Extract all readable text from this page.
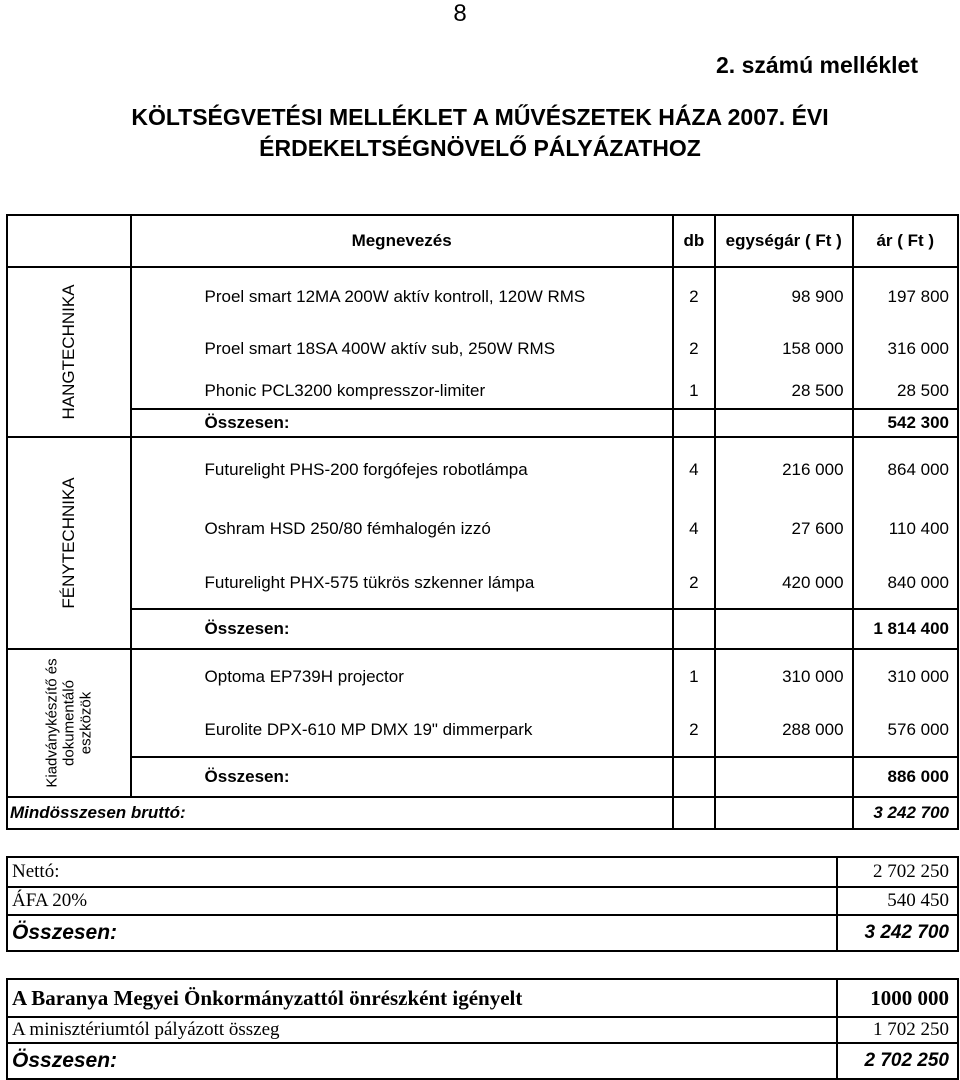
8
2. számú melléklet
KÖLTSÉGVETÉSI MELLÉKLET A MŰVÉSZETEK HÁZA 2007. ÉVI
ÉRDEKELTSÉGNÖVELŐ PÁLYÁZATHOZ
	Megnevezés	db	egységár ( Ft )	ár ( Ft )

HANGTECHNIKA	Proel smart 12MA 200W aktív kontroll, 120W RMS	2	98 900	197 800
	Proel smart 18SA 400W aktív sub, 250W RMS	2	158 000	316 000
	Phonic PCL3200 kompresszor-limiter	1	28 500	28 500
	Összesen:			542 300

FÉNYTECHNIKA	Futurelight PHS-200 forgófejes robotlámpa	4	216 000	864 000
	Oshram HSD 250/80 fémhalogén izzó	4	27 600	110 400
	Futurelight PHX-575 tükrös szkenner lámpa	2	420 000	840 000
	Összesen:			1 814 400

Kiadványkészítő és dokumentáló eszközök	Optoma EP739H projector	1	310 000	310 000
	Eurolite DPX-610 MP DMX 19" dimmerpark	2	288 000	576 000
	Összesen:			886 000
Mindösszesen bruttó:				3 242 700
Nettó:	2 702 250
ÁFA 20%	540 450
Összesen:	3 242 700
A Baranya Megyei Önkormányzattól önrészként igényelt	1000 000
A minisztériumtól pályázott összeg	1 702 250
Összesen:	2 702 250
